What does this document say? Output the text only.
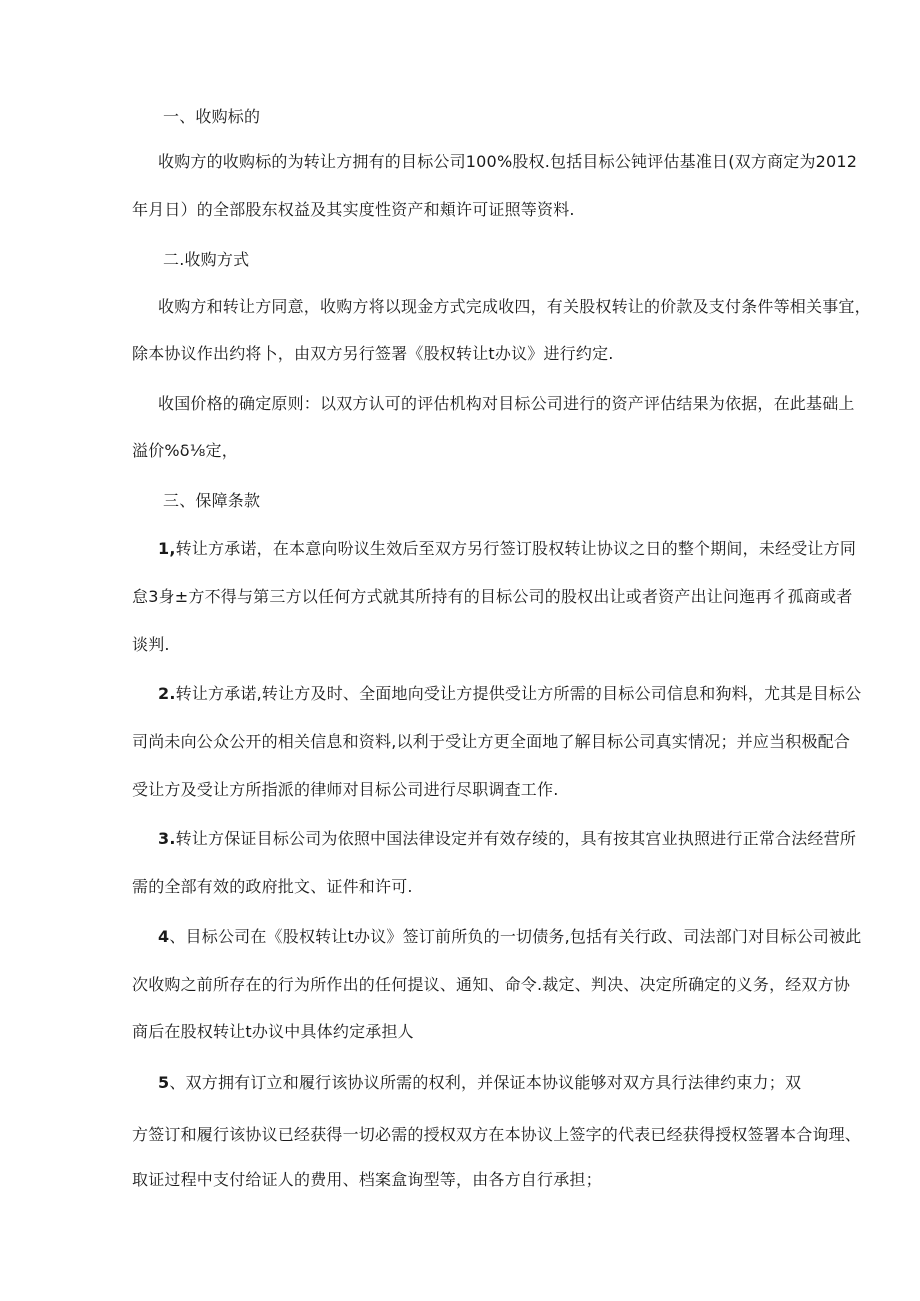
一、收购标的
收购方的收购标的为转让方拥有的目标公司100%股权.包括目标公钝评估基准日(双方商定为2012
年月日）的全部股东权益及其实度性资产和頬许可证照等资料.
二.收购方式
收购方和转让方同意，收购方将以现金方式完成收四，有关股权转让的价款及支付条件等相关事宜，
除本协议作出约将卜，由双方另行签署《股权转让t办议》进行约定.
收国价格的确定原则：以双方认可的评估机构对目标公司进行的资产评估结果为依据，在此基础上
溢价%δ⅛定，
三、保障条款
1,转让方承诺，在本意向吩议生效后至双方另行签订股权转让协议之日的整个期间，未经受让方同
怠3身±方不得与第三方以任何方式就其所持有的目标公司的股权出让或者资产出让问迤再彳孤商或者
谈判.
2.转让方承诺,转让方及时、全面地向受让方提供受让方所需的目标公司信息和狗料，尤其是目标公
司尚未向公众公开的相关信息和资料,以利于受让方更全面地了解目标公司真实情况；并应当积极配合
受让方及受让方所指派的律师对目标公司进行尽职调査工作.
3.转让方保证目标公司为依照中国法律设定并有效存绫的，具有按其宫业执照进行正常合法经营所
需的全部有效的政府批文、证件和许可.
4、目标公司在《股权转让t办议》签订前所负的一切债务,包括有关行政、司法部门对目标公司被此
次收购之前所存在的行为所作出的任何提议、通知、命令.裁定、判决、决定所确定的义务，经双方协
商后在股权转让t办议中具体约定承担人
5、双方拥有订立和履行该协议所需的权利，并保证本协议能够对双方具行法律约束力；双
方签订和履行该协议已经获得一切必需的授权双方在本协议上签字的代表已经获得授权签署本合询理、
取证过程中支付给证人的费用、档案盒询型等，由各方自行承担；
